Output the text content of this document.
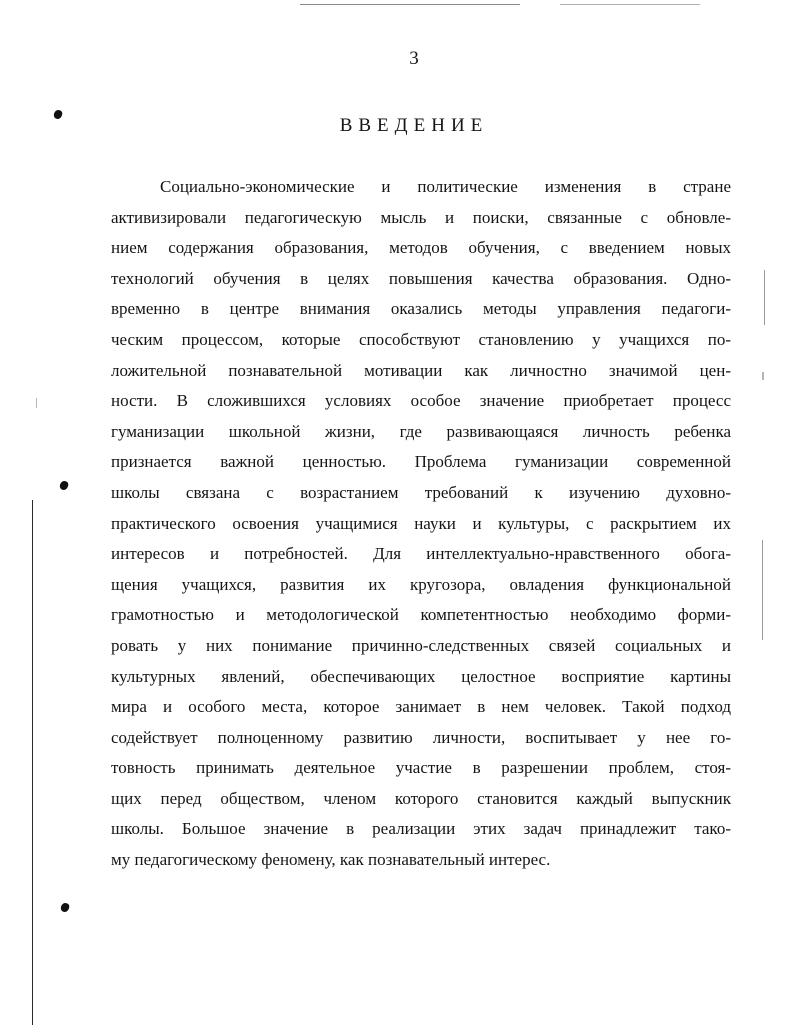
3
ВВЕДЕНИЕ
Социально-экономические и политические изменения в стране
активизировали педагогическую мысль и поиски, связанные с обновле-
нием содержания образования, методов обучения, с введением новых
технологий обучения в целях повышения качества образования. Одно-
временно в центре внимания оказались методы управления педагоги-
ческим процессом, которые способствуют становлению у учащихся по-
ложительной познавательной мотивации как личностно значимой цен-
ности. В сложившихся условиях особое значение приобретает процесс
гуманизации школьной жизни, где развивающаяся личность ребенка
признается важной ценностью. Проблема гуманизации современной
школы связана с возрастанием требований к изучению духовно-
практического освоения учащимися науки и культуры, с раскрытием их
интересов и потребностей. Для интеллектуально-нравственного обога-
щения учащихся, развития их кругозора, овладения функциональной
грамотностью и методологической компетентностью необходимо форми-
ровать у них понимание причинно-следственных связей социальных и
культурных явлений, обеспечивающих целостное восприятие картины
мира и особого места, которое занимает в нем человек. Такой подход
содействует полноценному развитию личности, воспитывает у нее го-
товность принимать деятельное участие в разрешении проблем, стоя-
щих перед обществом, членом которого становится каждый выпускник
школы. Большое значение в реализации этих задач принадлежит тако-
му педагогическому феномену, как познавательный интерес.
